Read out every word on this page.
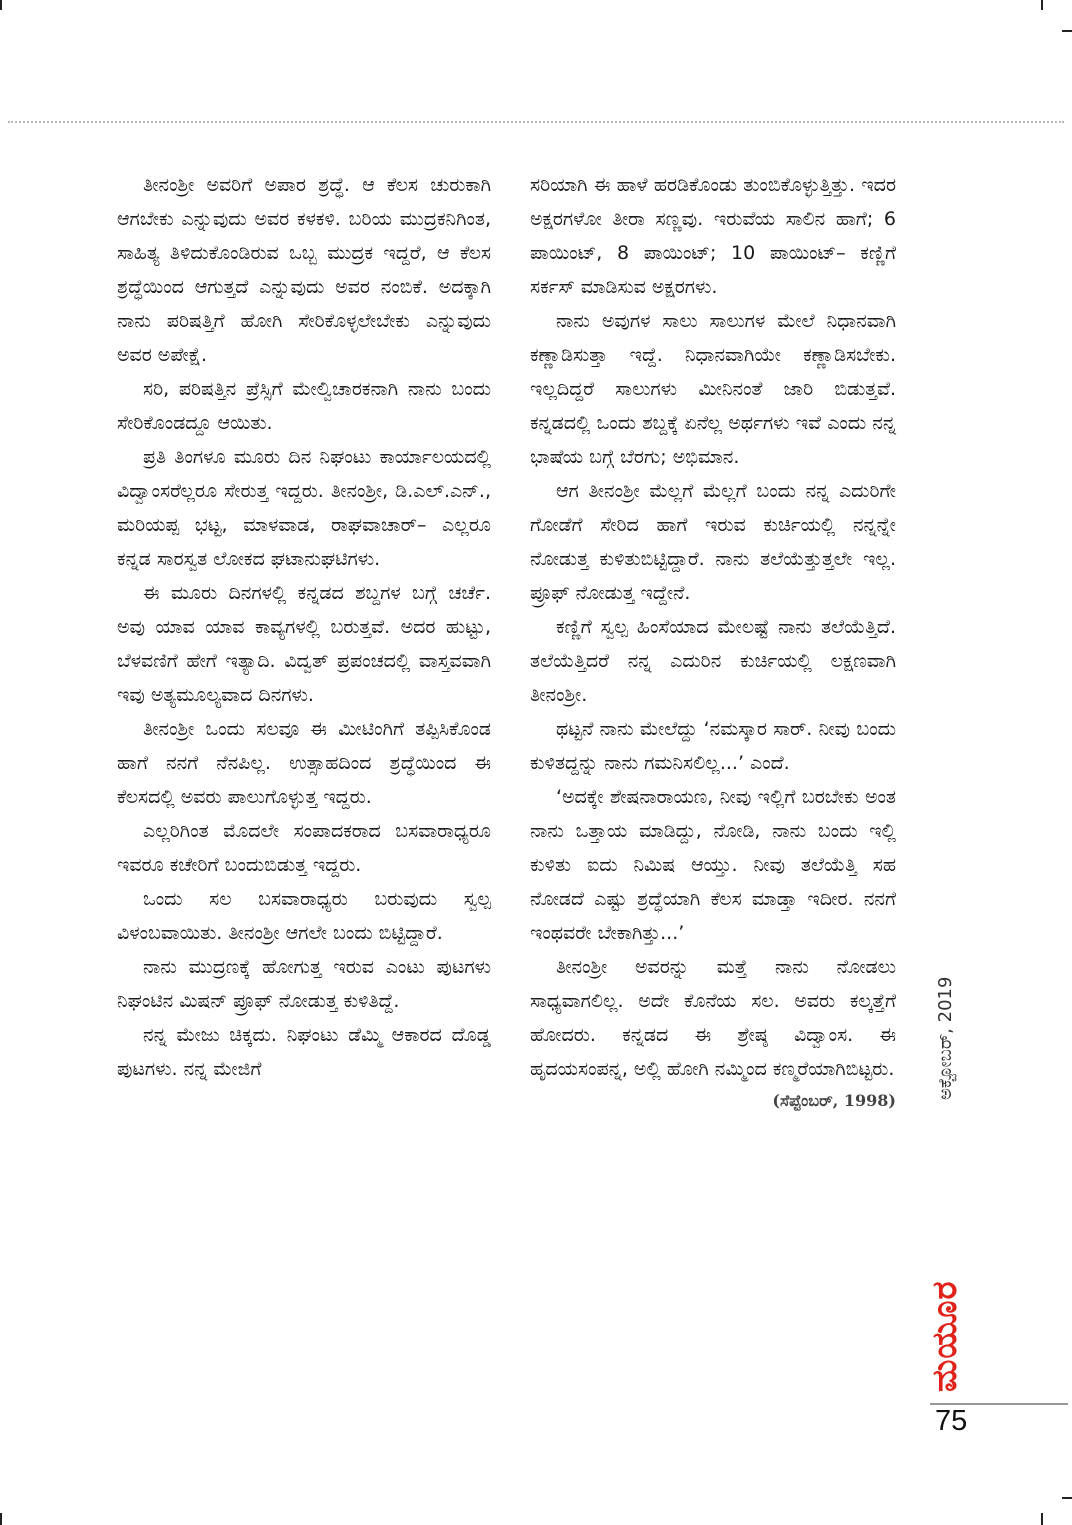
ತೀನಂಶ್ರೀ ಅವರಿಗೆ ಅಪಾರ ಶ್ರದ್ಧೆ. ಆ ಕೆಲಸ ಚುರುಕಾಗಿ ಆಗಬೇಕು ಎನ್ನುವುದು ಅವರ ಕಳಕಳಿ. ಬರಿಯ ಮುದ್ರಕನಿಗಿಂತ, ಸಾಹಿತ್ಯ ತಿಳಿದುಕೊಂಡಿರುವ ಒಬ್ಬ ಮುದ್ರಕ ಇದ್ದರೆ, ಆ ಕೆಲಸ ಶ್ರದ್ಧೆಯಿಂದ ಆಗುತ್ತದೆ ಎನ್ನುವುದು ಅವರ ನಂಬಿಕೆ. ಅದಕ್ಕಾಗಿ ನಾನು ಪರಿಷತ್ತಿಗೆ ಹೋಗಿ ಸೇರಿಕೊಳ್ಳಲೇಬೇಕು ಎನ್ನುವುದು ಅವರ ಅಪೇಕ್ಷೆ.

ಸರಿ, ಪರಿಷತ್ತಿನ ಪ್ರೆಸ್ಸಿಗೆ ಮೇಲ್ವಿಚಾರಕನಾಗಿ ನಾನು ಬಂದು ಸೇರಿಕೊಂಡದ್ದೂ ಆಯಿತು.

ಪ್ರತಿ ತಿಂಗಳೂ ಮೂರು ದಿನ ನಿಘಂಟು ಕಾರ್ಯಾಲಯದಲ್ಲಿ ವಿದ್ವಾಂಸರೆಲ್ಲರೂ ಸೇರುತ್ತ ಇದ್ದರು. ತೀನಂಶ್ರೀ, ಡಿ.ಎಲ್.ಎನ್., ಮರಿಯಪ್ಪ ಭಟ್ಟ, ಮಾಳವಾಡ, ರಾಘವಾಚಾರ್– ಎಲ್ಲರೂ ಕನ್ನಡ ಸಾರಸ್ವತ ಲೋಕದ ಘಟಾನುಘಟಿಗಳು.

ಈ ಮೂರು ದಿನಗಳಲ್ಲಿ ಕನ್ನಡದ ಶಬ್ದಗಳ ಬಗ್ಗೆ ಚರ್ಚೆ. ಅವು ಯಾವ ಯಾವ ಕಾವ್ಯಗಳಲ್ಲಿ ಬರುತ್ತವೆ. ಅದರ ಹುಟ್ಟು, ಬೆಳವಣಿಗೆ ಹೇಗೆ ಇತ್ಯಾದಿ. ವಿದ್ವತ್ ಪ್ರಪಂಚದಲ್ಲಿ ವಾಸ್ತವವಾಗಿ ಇವು ಅತ್ಯಮೂಲ್ಯವಾದ ದಿನಗಳು.

ತೀನಂಶ್ರೀ ಒಂದು ಸಲವೂ ಈ ಮೀಟಿಂಗಿಗೆ ತಪ್ಪಿಸಿಕೊಂಡ ಹಾಗೆ ನನಗೆ ನೆನಪಿಲ್ಲ. ಉತ್ಸಾಹದಿಂದ ಶ್ರದ್ಧೆಯಿಂದ ಈ ಕೆಲಸದಲ್ಲಿ ಅವರು ಪಾಲುಗೊಳ್ಳುತ್ತ ಇದ್ದರು.

ಎಲ್ಲರಿಗಿಂತ ಮೊದಲೇ ಸಂಪಾದಕರಾದ ಬಸವಾರಾಧ್ಯರೂ ಇವರೂ ಕಚೇರಿಗೆ ಬಂದುಬಿಡುತ್ತ ಇದ್ದರು.

ಒಂದು ಸಲ ಬಸವಾರಾಧ್ಯರು ಬರುವುದು ಸ್ವಲ್ಪ ವಿಳಂಬವಾಯಿತು. ತೀನಂಶ್ರೀ ಆಗಲೇ ಬಂದು ಬಿಟ್ಟಿದ್ದಾರೆ.

ನಾನು ಮುದ್ರಣಕ್ಕೆ ಹೋಗುತ್ತ ಇರುವ ಎಂಟು ಪುಟಗಳು ನಿಘಂಟಿನ ಮಿಷನ್ ಪ್ರೂಫ್ ನೋಡುತ್ತ ಕುಳಿತಿದ್ದೆ.

ನನ್ನ ಮೇಜು ಚಿಕ್ಕದು. ನಿಘಂಟು ಡೆಮ್ಮಿ ಆಕಾರದ ದೊಡ್ಡ ಪುಟಗಳು. ನನ್ನ ಮೇಜಿಗೆ

ಸರಿಯಾಗಿ ಈ ಹಾಳೆ ಹರಡಿಕೊಂಡು ತುಂಬಿಕೊಳ್ಳುತ್ತಿತ್ತು. ಇದರ ಅಕ್ಷರಗಳೋ ತೀರಾ ಸಣ್ಣವು. ಇರುವೆಯ ಸಾಲಿನ ಹಾಗೆ; 6 ಪಾಯಿಂಟ್, 8 ಪಾಯಿಂಟ್; 10 ಪಾಯಿಂಟ್– ಕಣ್ಣಿಗೆ ಸರ್ಕಸ್ ಮಾಡಿಸುವ ಅಕ್ಷರಗಳು.

ನಾನು ಅವುಗಳ ಸಾಲು ಸಾಲುಗಳ ಮೇಲೆ ನಿಧಾನವಾಗಿ ಕಣ್ಣಾಡಿಸುತ್ತಾ ಇದ್ದೆ. ನಿಧಾನವಾಗಿಯೇ ಕಣ್ಣಾಡಿಸಬೇಕು. ಇಲ್ಲದಿದ್ದರೆ ಸಾಲುಗಳು ಮೀನಿನಂತೆ ಜಾರಿ ಬಿಡುತ್ತವೆ. ಕನ್ನಡದಲ್ಲಿ ಒಂದು ಶಬ್ದಕ್ಕೆ ಏನೆಲ್ಲ ಅರ್ಥಗಳು ಇವೆ ಎಂದು ನನ್ನ ಭಾಷೆಯ ಬಗ್ಗೆ ಬೆರಗು; ಅಭಿಮಾನ.

ಆಗ ತೀನಂಶ್ರೀ ಮೆಲ್ಲಗೆ ಮೆಲ್ಲಗೆ ಬಂದು ನನ್ನ ಎದುರಿಗೇ ಗೋಡೆಗೆ ಸೇರಿದ ಹಾಗೆ ಇರುವ ಕುರ್ಚಿಯಲ್ಲಿ ನನ್ನನ್ನೇ ನೋಡುತ್ತ ಕುಳಿತುಬಿಟ್ಟಿದ್ದಾರೆ. ನಾನು ತಲೆಯೆತ್ತುತ್ತಲೇ ಇಲ್ಲ. ಪ್ರೂಫ್ ನೋಡುತ್ತ ಇದ್ದೇನೆ.

ಕಣ್ಣಿಗೆ ಸ್ವಲ್ಪ ಹಿಂಸೆಯಾದ ಮೇಲಷ್ಟೆ ನಾನು ತಲೆಯೆತ್ತಿದೆ. ತಲೆಯೆತ್ತಿದರೆ ನನ್ನ ಎದುರಿನ ಕುರ್ಚಿಯಲ್ಲಿ ಲಕ್ಷಣವಾಗಿ ತೀನಂಶ್ರೀ.

ಥಟ್ಟನೆ ನಾನು ಮೇಲೆದ್ದು ‘ನಮಸ್ಕಾರ ಸಾರ್. ನೀವು ಬಂದು ಕುಳಿತದ್ದನ್ನು ನಾನು ಗಮನಿಸಲಿಲ್ಲ...’ ಎಂದೆ.

‘ಅದಕ್ಕೇ ಶೇಷನಾರಾಯಣ, ನೀವು ಇಲ್ಲಿಗೆ ಬರಬೇಕು ಅಂತ ನಾನು ಒತ್ತಾಯ ಮಾಡಿದ್ದು, ನೋಡಿ, ನಾನು ಬಂದು ಇಲ್ಲಿ ಕುಳಿತು ಐದು ನಿಮಿಷ ಆಯ್ತು. ನೀವು ತಲೆಯೆತ್ತಿ ಸಹ ನೋಡದೆ ಎಷ್ಟು ಶ್ರದ್ಧೆಯಾಗಿ ಕೆಲಸ ಮಾಡ್ತಾ ಇದೀರ. ನನಗೆ ಇಂಥವರೇ ಬೇಕಾಗಿತ್ತು...’

ತೀನಂಶ್ರೀ ಅವರನ್ನು ಮತ್ತೆ ನಾನು ನೋಡಲು ಸಾಧ್ಯವಾಗಲಿಲ್ಲ. ಅದೇ ಕೊನೆಯ ಸಲ. ಅವರು ಕಲ್ಕತ್ತೆಗೆ ಹೋದರು. ಕನ್ನಡದ ಈ ಶ್ರೇಷ್ಠ ವಿದ್ವಾಂಸ. ಈ ಹೃದಯಸಂಪನ್ನ, ಅಲ್ಲಿ ಹೋಗಿ ನಮ್ಮಿಂದ ಕಣ್ಮರೆಯಾಗಿಬಿಟ್ಟರು.

(ಸೆಪ್ಟೆಂಬರ್, 1998)
ಅಕ್ಟೋಬರ್, 2019
ಮಯೂರ
75
